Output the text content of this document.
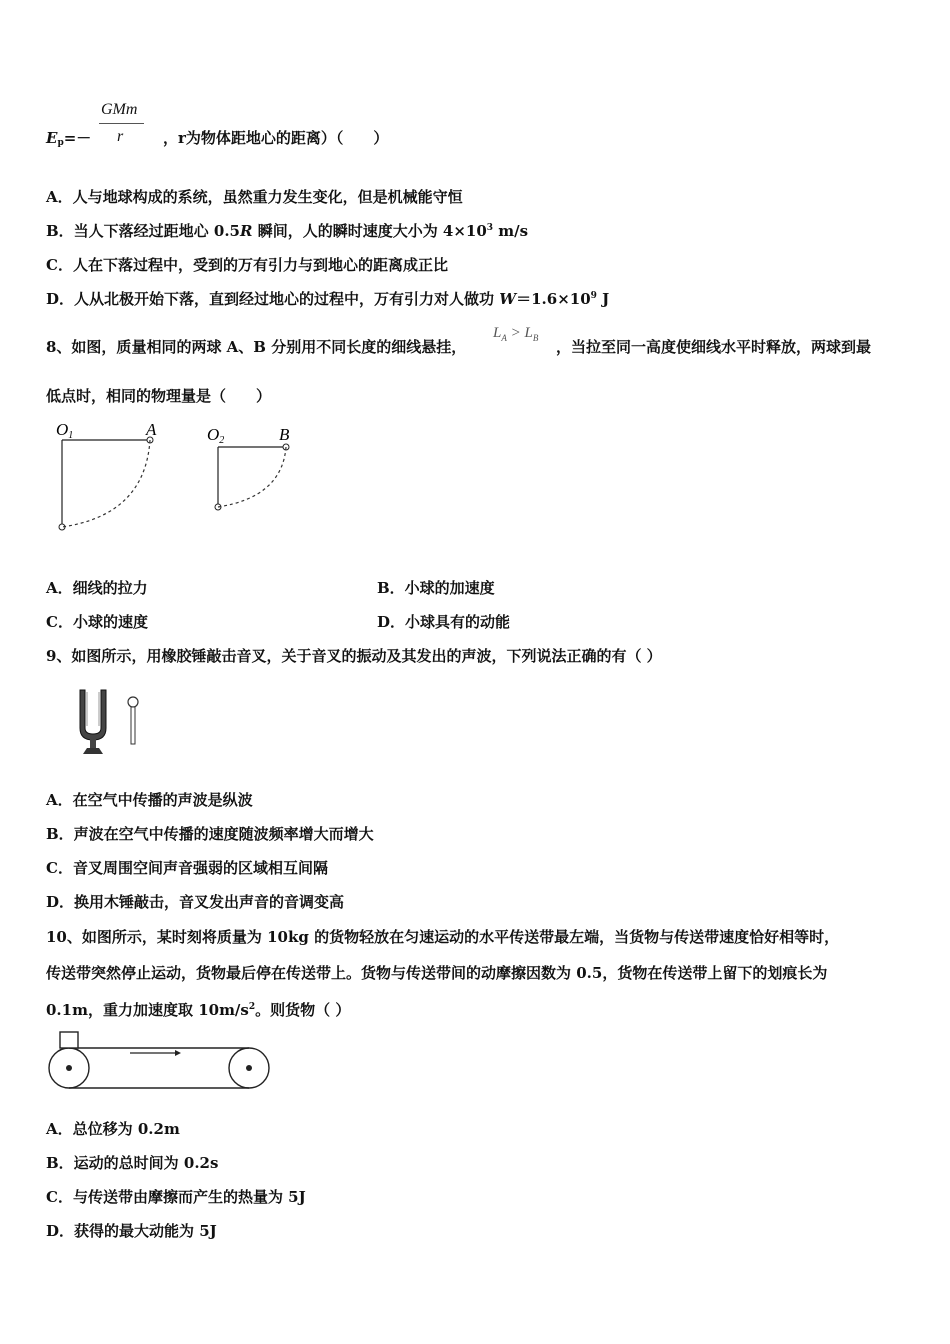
GMm
r
Ep=－	，r为物体距地心的距离）（　　）
A．人与地球构成的系统，虽然重力发生变化，但是机械能守恒
B．当人下落经过距地心 0.5R 瞬间，人的瞬时速度大小为 $4\times 10^3$ m/s
C．人在下落过程中，受到的万有引力与到地心的距离成正比
D．人从北极开始下落，直到经过地心的过程中，万有引力对人做功 $W=1.6\times 10^9$ J
8、如图，质量相同的两球 A、B 分别用不同长度的细线悬挂，
$L_A > L_B$ ，当拉至同一高度使细线水平时释放，两球到最
低点时，相同的物理量是（　　）
O1	A	O2	B
A．细线的拉力	B．小球的加速度
C．小球的速度	D．小球具有的动能
9、如图所示，用橡胶锤敲击音叉，关于音叉的振动及其发出的声波，下列说法正确的有（ ）
A．在空气中传播的声波是纵波
B．声波在空气中传播的速度随波频率增大而增大
C．音叉周围空间声音强弱的区域相互间隔
D．换用木锤敲击，音叉发出声音的音调变高
10、如图所示，某时刻将质量为 10kg 的货物轻放在匀速运动的水平传送带最左端，当货物与传送带速度恰好相等时，
传送带突然停止运动，货物最后停在传送带上。货物与传送带间的动摩擦因数为 0.5，货物在传送带上留下的划痕长为
0.1m，重力加速度取 $10m/s^2$。则货物（ ）
A．总位移为 0.2m
B．运动的总时间为 0.2s
C．与传送带由摩擦而产生的热量为 5J
D．获得的最大动能为 5J
